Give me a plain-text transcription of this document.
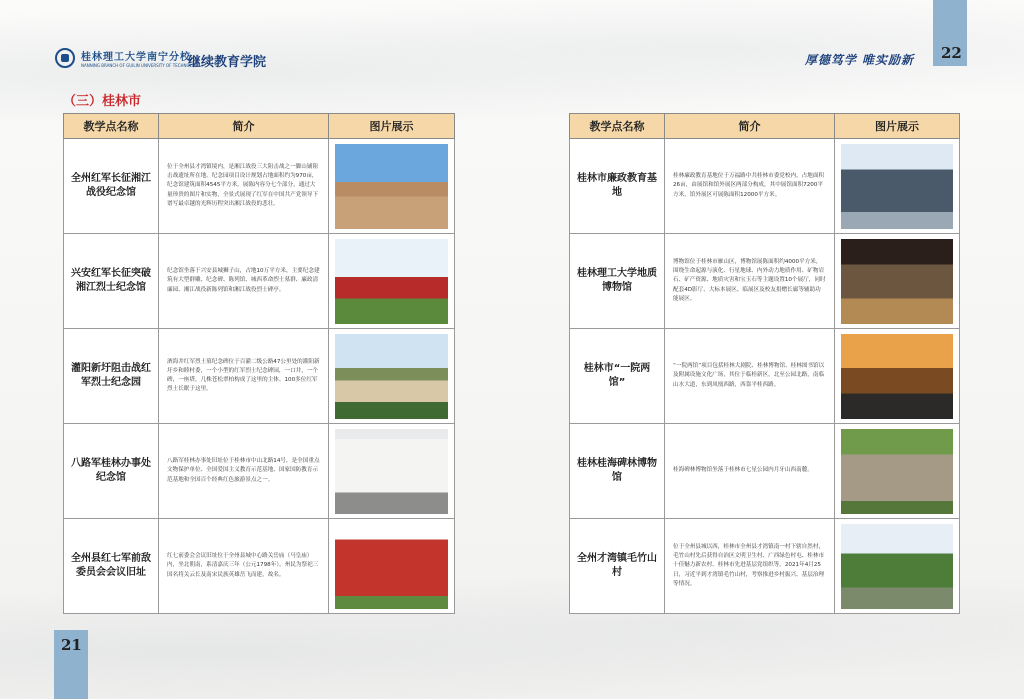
22
21
桂林理工大学南宁分校
NANNING BRANCH OF GUILIN UNIVERSITY OF TECHNOLOGY
继续教育学院	厚德笃学 唯实励新
（三）桂林市
教学点名称	简介	图片展示
全州红军长征湘江战役纪念馆	位于全州县才湾镇境内，是湘江战役三大阻击战之一脚山铺阻击战遗址所在地。纪念园项目设计规划占地面积约为970亩，纪念馆建筑面积4545平方米，展陈内容分七个部分，通过大量珍贵的图片和实物，全景式展现了红军在中国共产党领导下谱写最卓越的光辉历程突出湘江战役的悲壮。	

兴安红军长征突破湘江烈士纪念馆	纪念馆坐落于兴安县城狮子山，占地10万平方米，主要纪念建筑有大型群雕、纪念碑、陈列馆、城西革命烈士墓群、廉政清廉园、湘江战役新陈列馆和湘江战役烈士碑亭。	

灌阳新圩阻击战红军烈士纪念园	酒海井红军烈士墓纪念碑位于百灌二级公路47公里处的灌阳新圩乡和睦村委，一个小型的红军烈士纪念碑园，一口井，一个碑，一座塔，几株苍松翠柏构成了这里的主体。100多位红军烈士长眠于这里。	

八路军桂林办事处纪念馆	八路军桂林办事处旧址位于桂林市中山北路14号，是全国重点文物保护单位、全国爱国主义教育示范基地、国家国防教育示范基地和全国百个经典红色旅游景点之一。	

全州县红七军前敌委员会会议旧址	红七前委会会议旧址位于全州县城中心路关岳庙（马皇庙）内，坐北朝南，系清嘉庆三年（公元1798年），州民为祭祀三国名将关云长及南宋民族英雄岳飞而建，故名。	
教学点名称	简介	图片展示
桂林市廉政教育基地	桂林廉政教育基地位于万福路中共桂林市委党校内，占地面积26亩，由展馆和馆外展区两部分构成，其中展馆面积7200平方米，馆外展区可展陈面积12000平方米。	

桂林理工大学地质博物馆	博物馆位于桂林市雁山区，博物馆展陈面积约4000平方米，围绕生命起源与演化、行星地球、内外动力地质作用、矿物岩石、矿产资源、地质灾害和宝玉石等主题设置10个展厅，同时配套4D影厅、大标本展区、临展区及校友捐赠长廊等辅助功能展区。	

桂林市“一院两馆”	“一院两馆”项目包括桂林大剧院、桂林博物馆、桂林图书馆以及附属设施文化广场，其位于临桂新区，北至公园北路，南临山水大道，东到凤凰西路，西靠平桂西路。	

桂林桂海碑林博物馆	桂海碑林博物馆坐落于桂林市七星公园内月牙山西南麓。	

全州才湾镇毛竹山村	位于全州县城以西，桂林市全州县才湾镇南一村下辖自然村，毛竹山村先后获得自治区文明卫生村、广西绿色村屯、桂林市十佳魅力新农村、桂林市先进基层党组织等。2021年4月25日，习近平到才湾镇毛竹山村，考察推进乡村振兴、基层治理等情况。	
